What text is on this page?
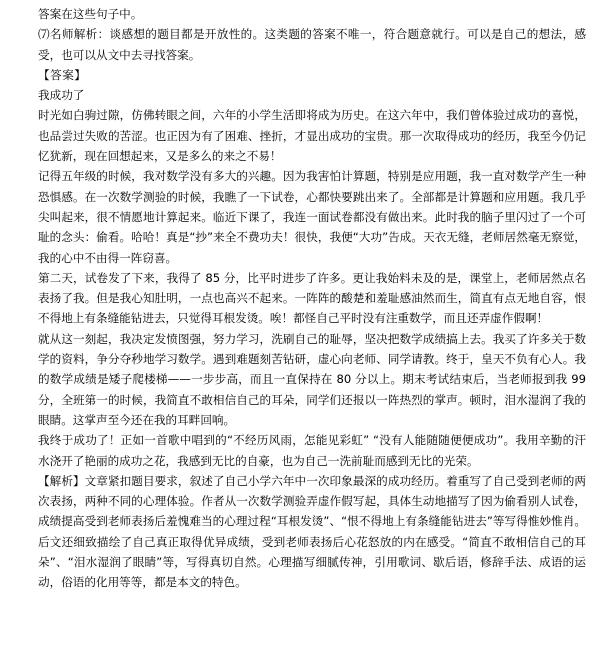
答案在这些句子中。

⑺名师解析：谈感想的题目都是开放性的。这类题的答案不唯一，符合题意就行。可以是自己的想法，感受，也可以从文中去寻找答案。

【答案】

我成功了

时光如白驹过隙，仿佛转眼之间，六年的小学生活即将成为历史。在这六年中，我们曾体验过成功的喜悦，也品尝过失败的苦涩。也正因为有了困难、挫折，才显出成功的宝贵。那一次取得成功的经历，我至今仍记忆犹新，现在回想起来，又是多么的来之不易！

记得五年级的时候，我对数学没有多大的兴趣。因为我害怕计算题，特别是应用题，我一直对数学产生一种恐惧感。在一次数学测验的时候，我瞧了一下试卷，心都快要跳出来了。全部都是计算题和应用题。我几乎尖叫起来，很不情愿地计算起来。临近下课了，我连一面试卷都没有做出来。此时我的脑子里闪过了一个可耻的念头：偷看。哈哈！真是“抄”来全不费功夫！很快，我便“大功”告成。天衣无缝，老师居然毫无察觉，我的心中不由得一阵窃喜。

第二天，试卷发了下来，我得了 85 分，比平时进步了许多。更让我始料未及的是，课堂上，老师居然点名表扬了我。但是我心知肚明，一点也高兴不起来。一阵阵的酸楚和羞耻感油然而生，简直有点无地自容，恨不得地上有条缝能钻进去，只觉得耳根发烫。唉！都怪自己平时没有注重数学，而且还弄虚作假啊！

就从这一刻起，我决定发愤图强，努力学习，洗刷自己的耻辱，坚决把数学成绩搞上去。我买了许多关于数学的资料，争分夺秒地学习数学。遇到难题刻苦钻研，虚心向老师、同学请教。终于，皇天不负有心人。我的数学成绩是矮子爬楼梯——一步步高，而且一直保持在 80 分以上。期末考试结束后，当老师报到我 99 分，全班第一的时候，我简直不敢相信自己的耳朵，同学们还报以一阵热烈的掌声。顿时，泪水湿润了我的眼睛。这掌声至今还在我的耳畔回响。

我终于成功了！正如一首歌中唱到的“不经历风雨，怎能见彩虹” “没有人能随随便便成功”。我用辛勤的汗水浇开了艳丽的成功之花，我感到无比的自豪，也为自己一洗前耻而感到无比的光荣。

【解析】文章紧扣题目要求，叙述了自己小学六年中一次印象最深的成功经历。着重写了自己受到老师的两次表扬，两种不同的心理体验。作者从一次数学测验弄虚作假写起，具体生动地描写了因为偷看别人试卷，成绩提高受到老师表扬后羞愧难当的心理过程“耳根发烫”、“恨不得地上有条缝能钻进去”等写得惟妙惟肖。后文还细致描绘了自己真正取得优异成绩，受到老师表扬后心花怒放的内在感受。“简直不敢相信自己的耳朵”、“泪水湿润了眼睛”等，写得真切自然。心理描写细腻传神，引用歌词、歇后语，修辞手法、成语的运动，俗语的化用等等，都是本文的特色。
